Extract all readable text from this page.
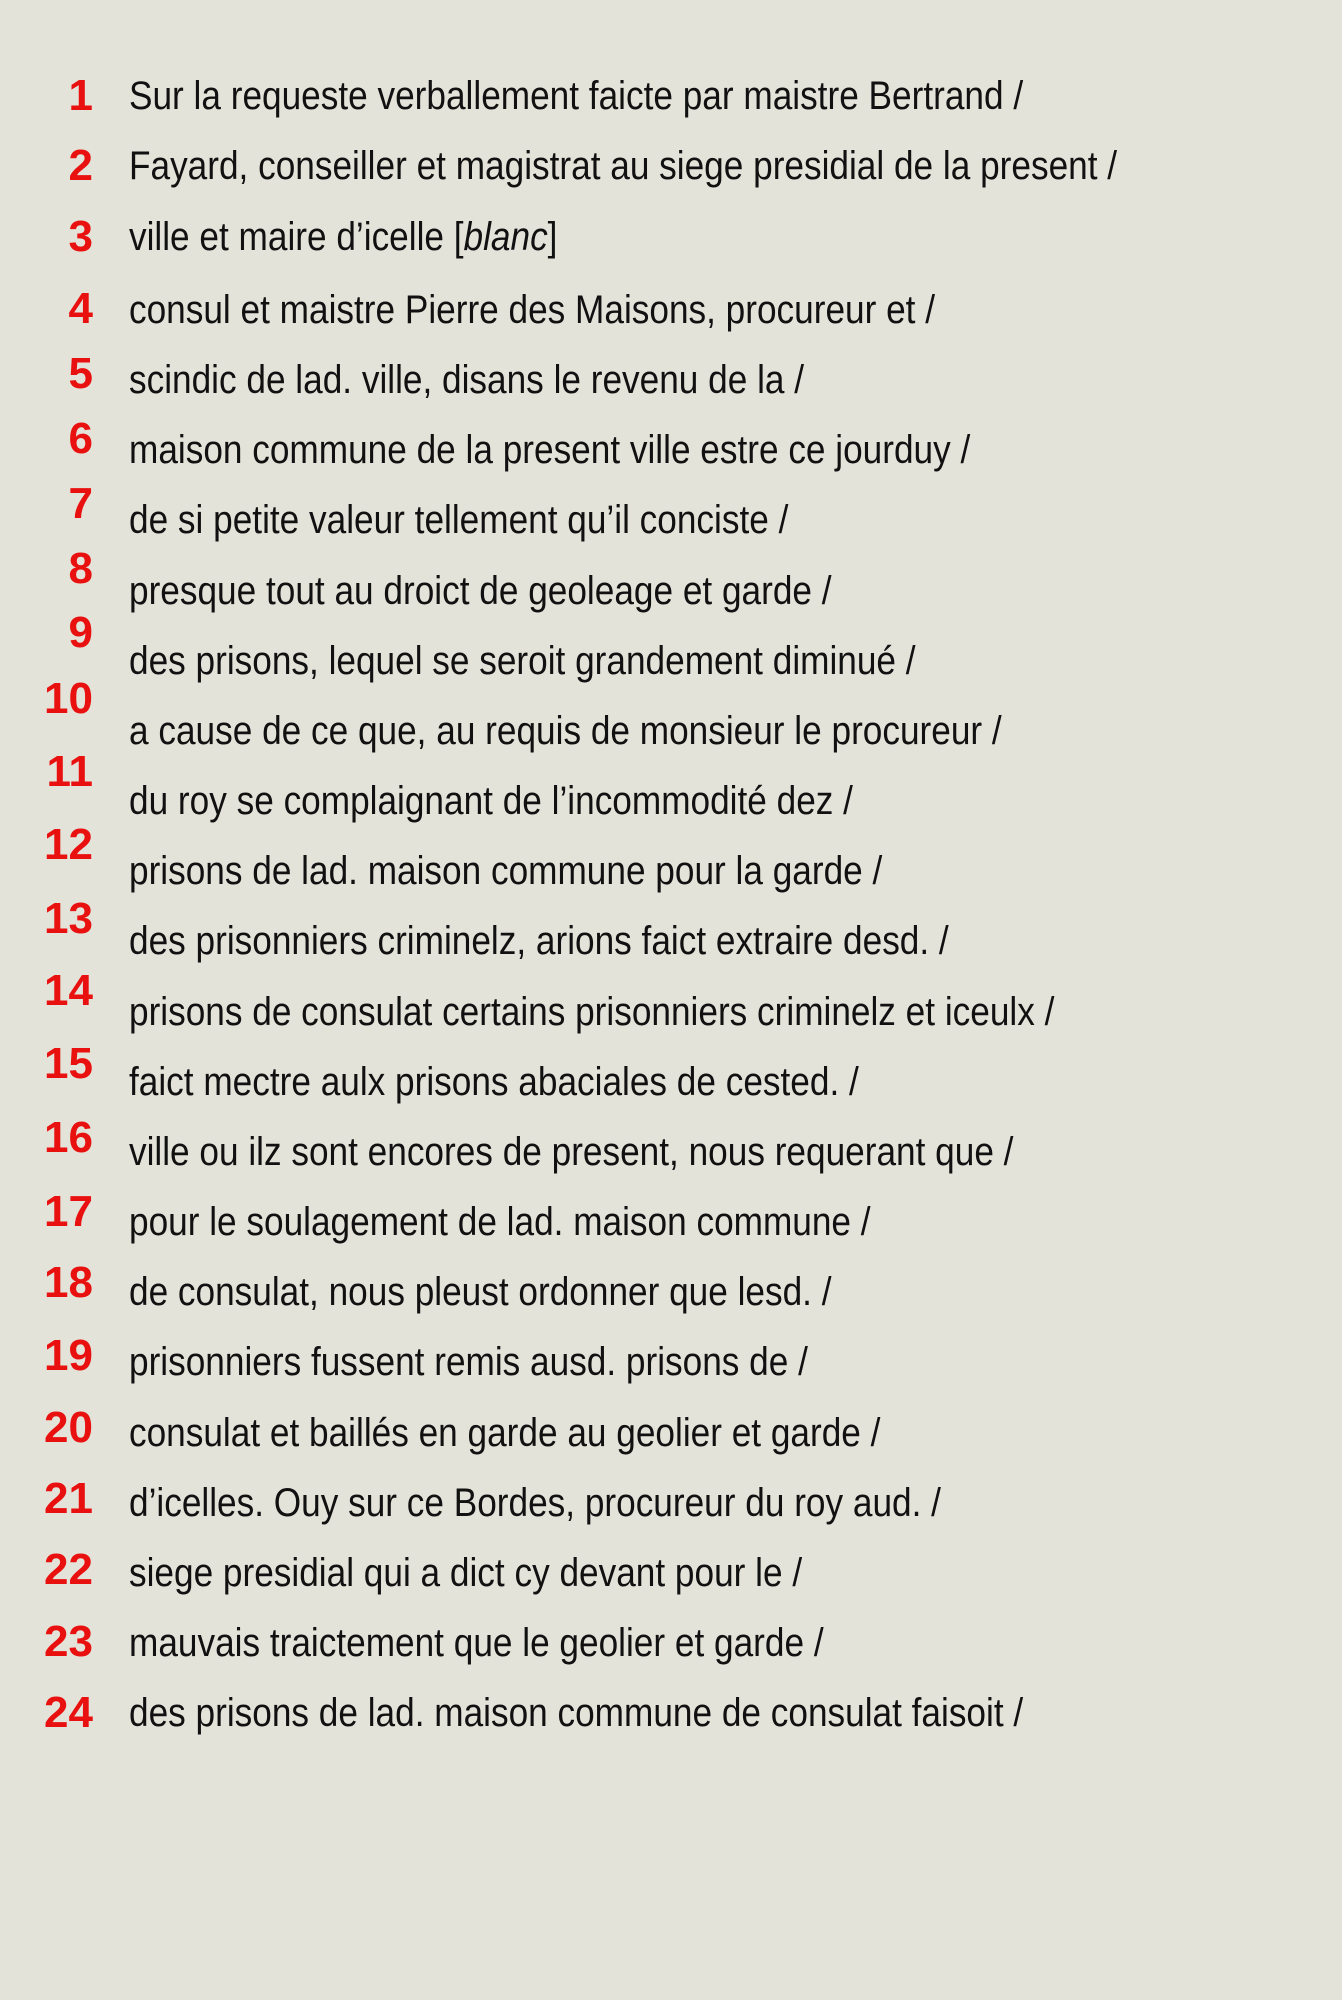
1 Sur la requeste verballement faicte par maistre Bertrand /
2 Fayard, conseiller et magistrat au siege presidial de la present /
3 ville et maire d’icelle [blanc]
4 consul et maistre Pierre des Maisons, procureur et /
5 scindic de lad. ville, disans le revenu de la /
6 maison commune de la present ville estre ce jourduy /
7 de si petite valeur tellement qu’il conciste /
8 presque tout au droict de geoleage et garde /
9
des prisons, lequel se seroit grandement diminué /
10
a cause de ce que, au requis de monsieur le procureur /
11
du roy se complaignant de l’incommodité dez /
12
prisons de lad. maison commune pour la garde /
13 des prisonniers criminelz, arions faict extraire desd. /
14 prisons de consulat certains prisonniers criminelz et iceulx /
15 faict mectre aulx prisons abaciales de cested. /
16 ville ou ilz sont encores de present, nous requerant que /
17 pour le soulagement de lad. maison commune /
18 de consulat, nous pleust ordonner que lesd. /
19 prisonniers fussent remis ausd. prisons de /
20 consulat et baillés en garde au geolier et garde /
21 d’icelles. Ouy sur ce Bordes, procureur du roy aud. /
22 siege presidial qui a dict cy devant pour le /
23 mauvais traictement que le geolier et garde /
24 des prisons de lad. maison commune de consulat faisoit /
